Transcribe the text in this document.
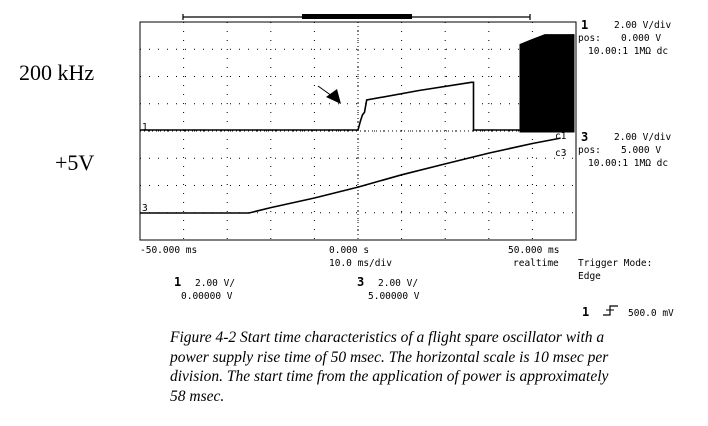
1
3
c1
c3
200 kHz
+5V
1	2.00 V/div
pos: 0.000 V
10.00:1 1MΩ dc
3	2.00 V/div
pos: 5.000 V
10.00:1 1MΩ dc
-50.000 ms	0.000 s	50.000 ms
10.0 ms/div	realtime Trigger Mode:
Edge
1 2.00 V/
0.00000 V
3 2.00 V/
5.00000 V
1	500.0 mV

Figure 4-2 Start time characteristics of a flight spare oscillator with a power supply rise time of 50 msec. The horizontal scale is 10 msec per division. The start time from the application of power is approximately 58 msec.
